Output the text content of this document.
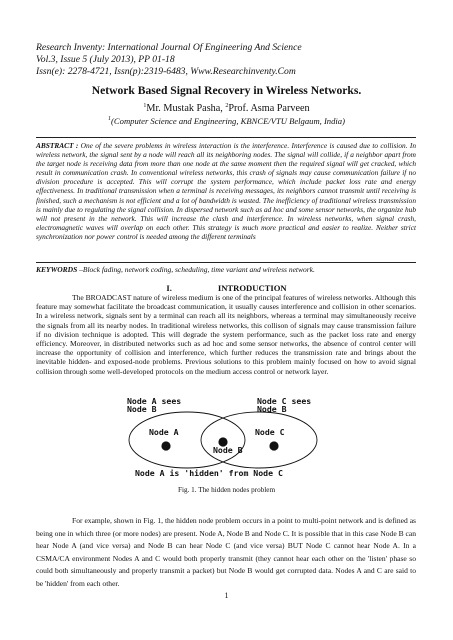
Research Inventy: International Journal Of Engineering And Science
Vol.3, Issue 5 (July 2013), PP 01-18
Issn(e): 2278-4721, Issn(p):2319-6483, Www.Researchinventy.Com
Network Based Signal Recovery in Wireless Networks.
$^1$Mr. Mustak Pasha, $^2$Prof. Asma Parveen
$^1$(Computer Science and Engineering, KBNCE/VTU Belgaum, India)
ABSTRACT : One of the severe problems in wireless interaction is the interference. Interference is caused due to collision. In wireless network, the signal sent by a node will reach all its neighboring nodes. The signal will collide, if a neighbor apart from the target node is receiving data from more than one node at the same moment then the required signal will get cracked, which result in communication crash. In conventional wireless networks, this crash of signals may cause communication failure if no division procedure is accepted. This will corrupt the system performance, which include packet loss rate and energy effectiveness. In traditional transmission when a terminal is receiving messages, its neighbors cannot transmit until receiving is finished, such a mechanism is not efficient and a lot of bandwidth is wasted. The inefficiency of traditional wireless transmission is mainly due to regulating the signal collision. In dispersed network such as ad hoc and some sensor networks, the organize hub will not present in the network. This will increase the clash and interference. In wireless networks, when signal crash, electromagnetic waves will overlap on each other. This strategy is much more practical and easier to realize. Neither strict synchronization nor power control is needed among the different terminals
KEYWORDS –Block fading, network coding, scheduling, time variant and wireless network.
I.	INTRODUCTION
The BROADCAST nature of wireless medium is one of the principal features of wireless networks. Although this feature may somewhat facilitate the broadcast communication, it usually causes interference and collision in other scenarios. In a wireless network, signals sent by a terminal can reach all its neighbors, whereas a terminal may simultaneously receive the signals from all its nearby nodes. In traditional wireless networks, this collison of signals may cause transmission failure if no division technique is adopted. This will degrade the system performance, such as the packet loss rate and energy efficiency. Moreover, in distributed networks such as ad hoc and some sensor networks, the absence of control center will increase the opportunity of collision and interference, which further reduces the transmission rate and brings about the inevitable hidden- and exposed-node problems. Previous solutions to this problem mainly focused on how to avoid signal collision through some well-developed protocols on the medium access control or network layer.
Node A sees
Node B
Node C sees
Node B
Node A
Node B
Node C
Node A is 'hidden' from Node C
Fig. 1. The hidden nodes problem
For example, shown in Fig. 1, the hidden node problem occurs in a point to multi-point network and is defined as being one in which three (or more nodes) are present. Node A, Node B and Node C. It is possible that in this case Node B can hear Node A (and vice versa) and Node B can hear Node C (and vice versa) BUT Node C cannot hear Node A. In a CSMA/CA environment Nodes A and C would both properly transmit (they cannot hear each other on the 'listen' phase so could both simultaneously and properly transmit a packet) but Node B would get corrupted data. Nodes A and C are said to be 'hidden' from each other.
1
